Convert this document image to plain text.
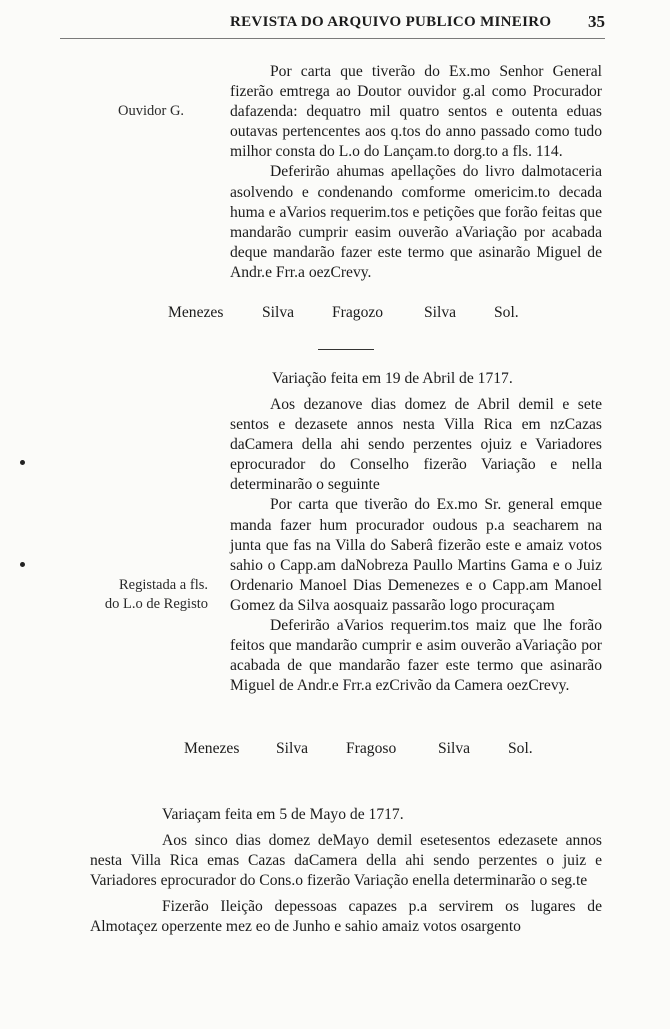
REVISTA DO ARQUIVO PUBLICO MINEIRO 35
Ouvidor G.

Por carta que tiverão do Ex.mo Senhor General fizerão emtrega ao Doutor ouvidor g.al como Procurador dafazenda: dequatro mil quatro sentos e outenta eduas outavas pertencentes aos q.tos do anno passado como tudo milhor consta do L.o do Lançam.to dorg.to a fls. 114.

Deferirão ahumas apellações do livro dalmotaceria asolvendo e condenando comforme omericim.to decada huma e aVarios requerim.tos e petições que forão feitas que mandarão cumprir easim ouverão aVariação por acabada deque mandarão fazer este termo que asinarão Miguel de Andr.e Frr.a oezCrevy.

Menezes Silva Fragozo	Silva Sol.
Variação feita em 19 de Abril de 1717.

Aos dezanove dias domez de Abril demil e sete sentos e dezasete annos nesta Villa Rica em nzCazas daCamera della ahi sendo perzentes ojuiz e Variadores eprocurador do Conselho fizerão Variação e nella determinarão o seguinte

Por carta que tiverão do Ex.mo Sr. general emque manda fazer hum procurador oudous p.a seacharem na junta que fas na Villa do Saberâ fizerão este e amaiz votos sahio o Capp.am daNobreza Paullo Martins Gama e o Juiz Ordenario Manoel Dias Demenezes e o Capp.am Manoel Gomez da Silva aosquaiz passarão logo procuraçam

Deferirão aVarios requerim.tos maiz que lhe forão feitos que mandarão cumprir e asim ouverão aVariação por acabada de que mandarão fazer este termo que asinarão Miguel de Andr.e Frr.a ezCrivão da Camera oezCrevy.

Registada a fls.
do L.o de Registo
Menezes Silva Fragoso	Silva Sol.
Variaçam feita em 5 de Mayo de 1717.

Aos sinco dias domez deMayo demil esetesentos edezasete annos nesta Villa Rica emas Cazas daCamera della ahi sendo perzentes o juiz e Variadores eprocurador do Cons.o fizerão Variação enella determinarão o seg.te

Fizerão Ileição depessoas capazes p.a servirem os lugares de Almotaçez operzente mez eo de Junho e sahio amaiz votos osargento
